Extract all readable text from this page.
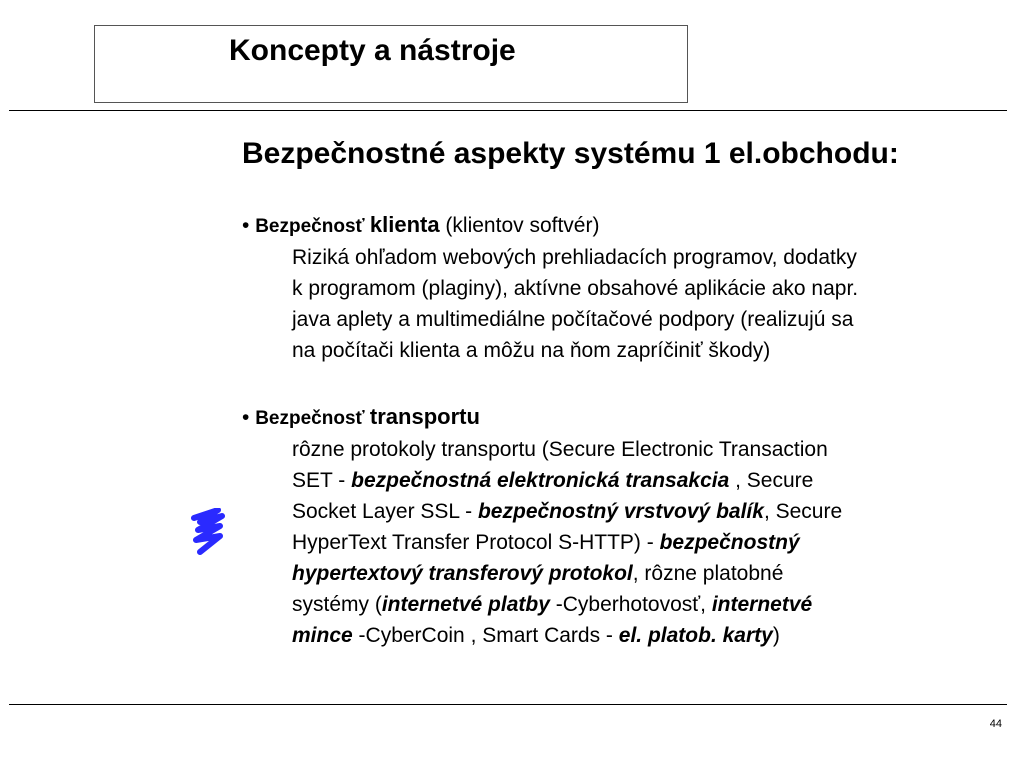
Koncepty a nástroje
Bezpečnostné aspekty systému 1 el.obchodu:
• Bezpečnosť klienta (klientov softvér)
Riziká ohľadom webových prehliadacích programov, dodatky
k programom (plaginy), aktívne obsahové aplikácie ako napr.
java aplety a multimediálne počítačové podpory (realizujú sa
na počítači klienta a môžu na ňom zapríčiniť škody)
• Bezpečnosť transportu
rôzne protokoly transportu (Secure Electronic Transaction
SET - bezpečnostná elektronická transakcia , Secure
Socket Layer SSL - bezpečnostný vrstvový balík, Secure
HyperText Transfer Protocol S-HTTP) - bezpečnostný
hypertextový transferový protokol, rôzne platobné
systémy (internetvé platby -Cyberhotovosť, internetvé
mince -CyberCoin , Smart Cards - el. platob. karty)
44
